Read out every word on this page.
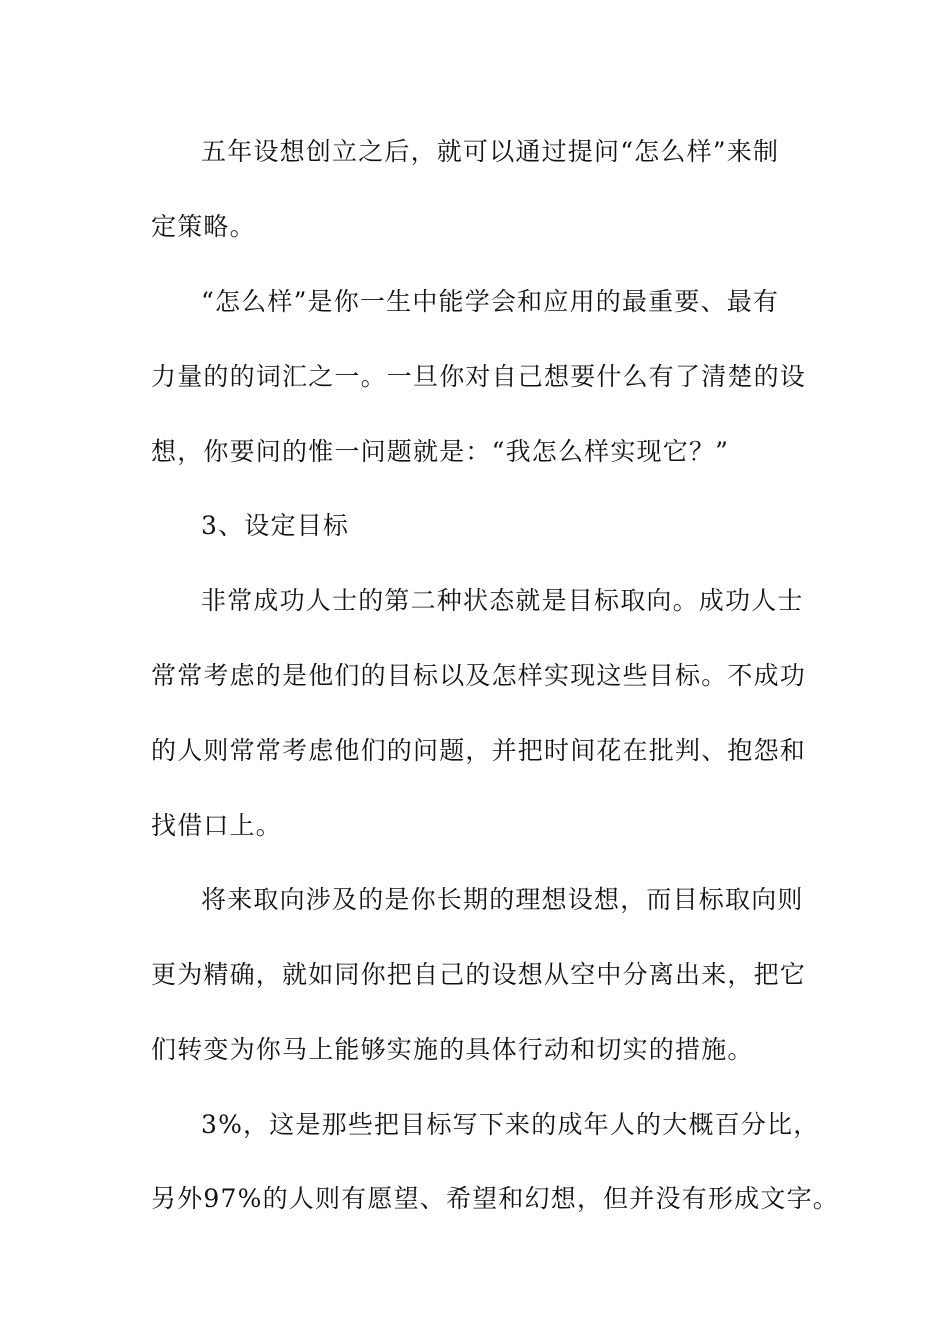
五年设想创立之后，就可以通过提问“怎么样”来制

定策略。

“怎么样”是你一生中能学会和应用的最重要、最有

力量的的词汇之一。一旦你对自己想要什么有了清楚的设

想，你要问的惟一问题就是：“我怎么样实现它？”

3、设定目标

非常成功人士的第二种状态就是目标取向。成功人士

常常考虑的是他们的目标以及怎样实现这些目标。不成功

的人则常常考虑他们的问题，并把时间花在批判、抱怨和

找借口上。

将来取向涉及的是你长期的理想设想，而目标取向则

更为精确，就如同你把自己的设想从空中分离出来，把它

们转变为你马上能够实施的具体行动和切实的措施。

3%，这是那些把目标写下来的成年人的大概百分比，

另外97%的人则有愿望、希望和幻想，但并没有形成文字。
